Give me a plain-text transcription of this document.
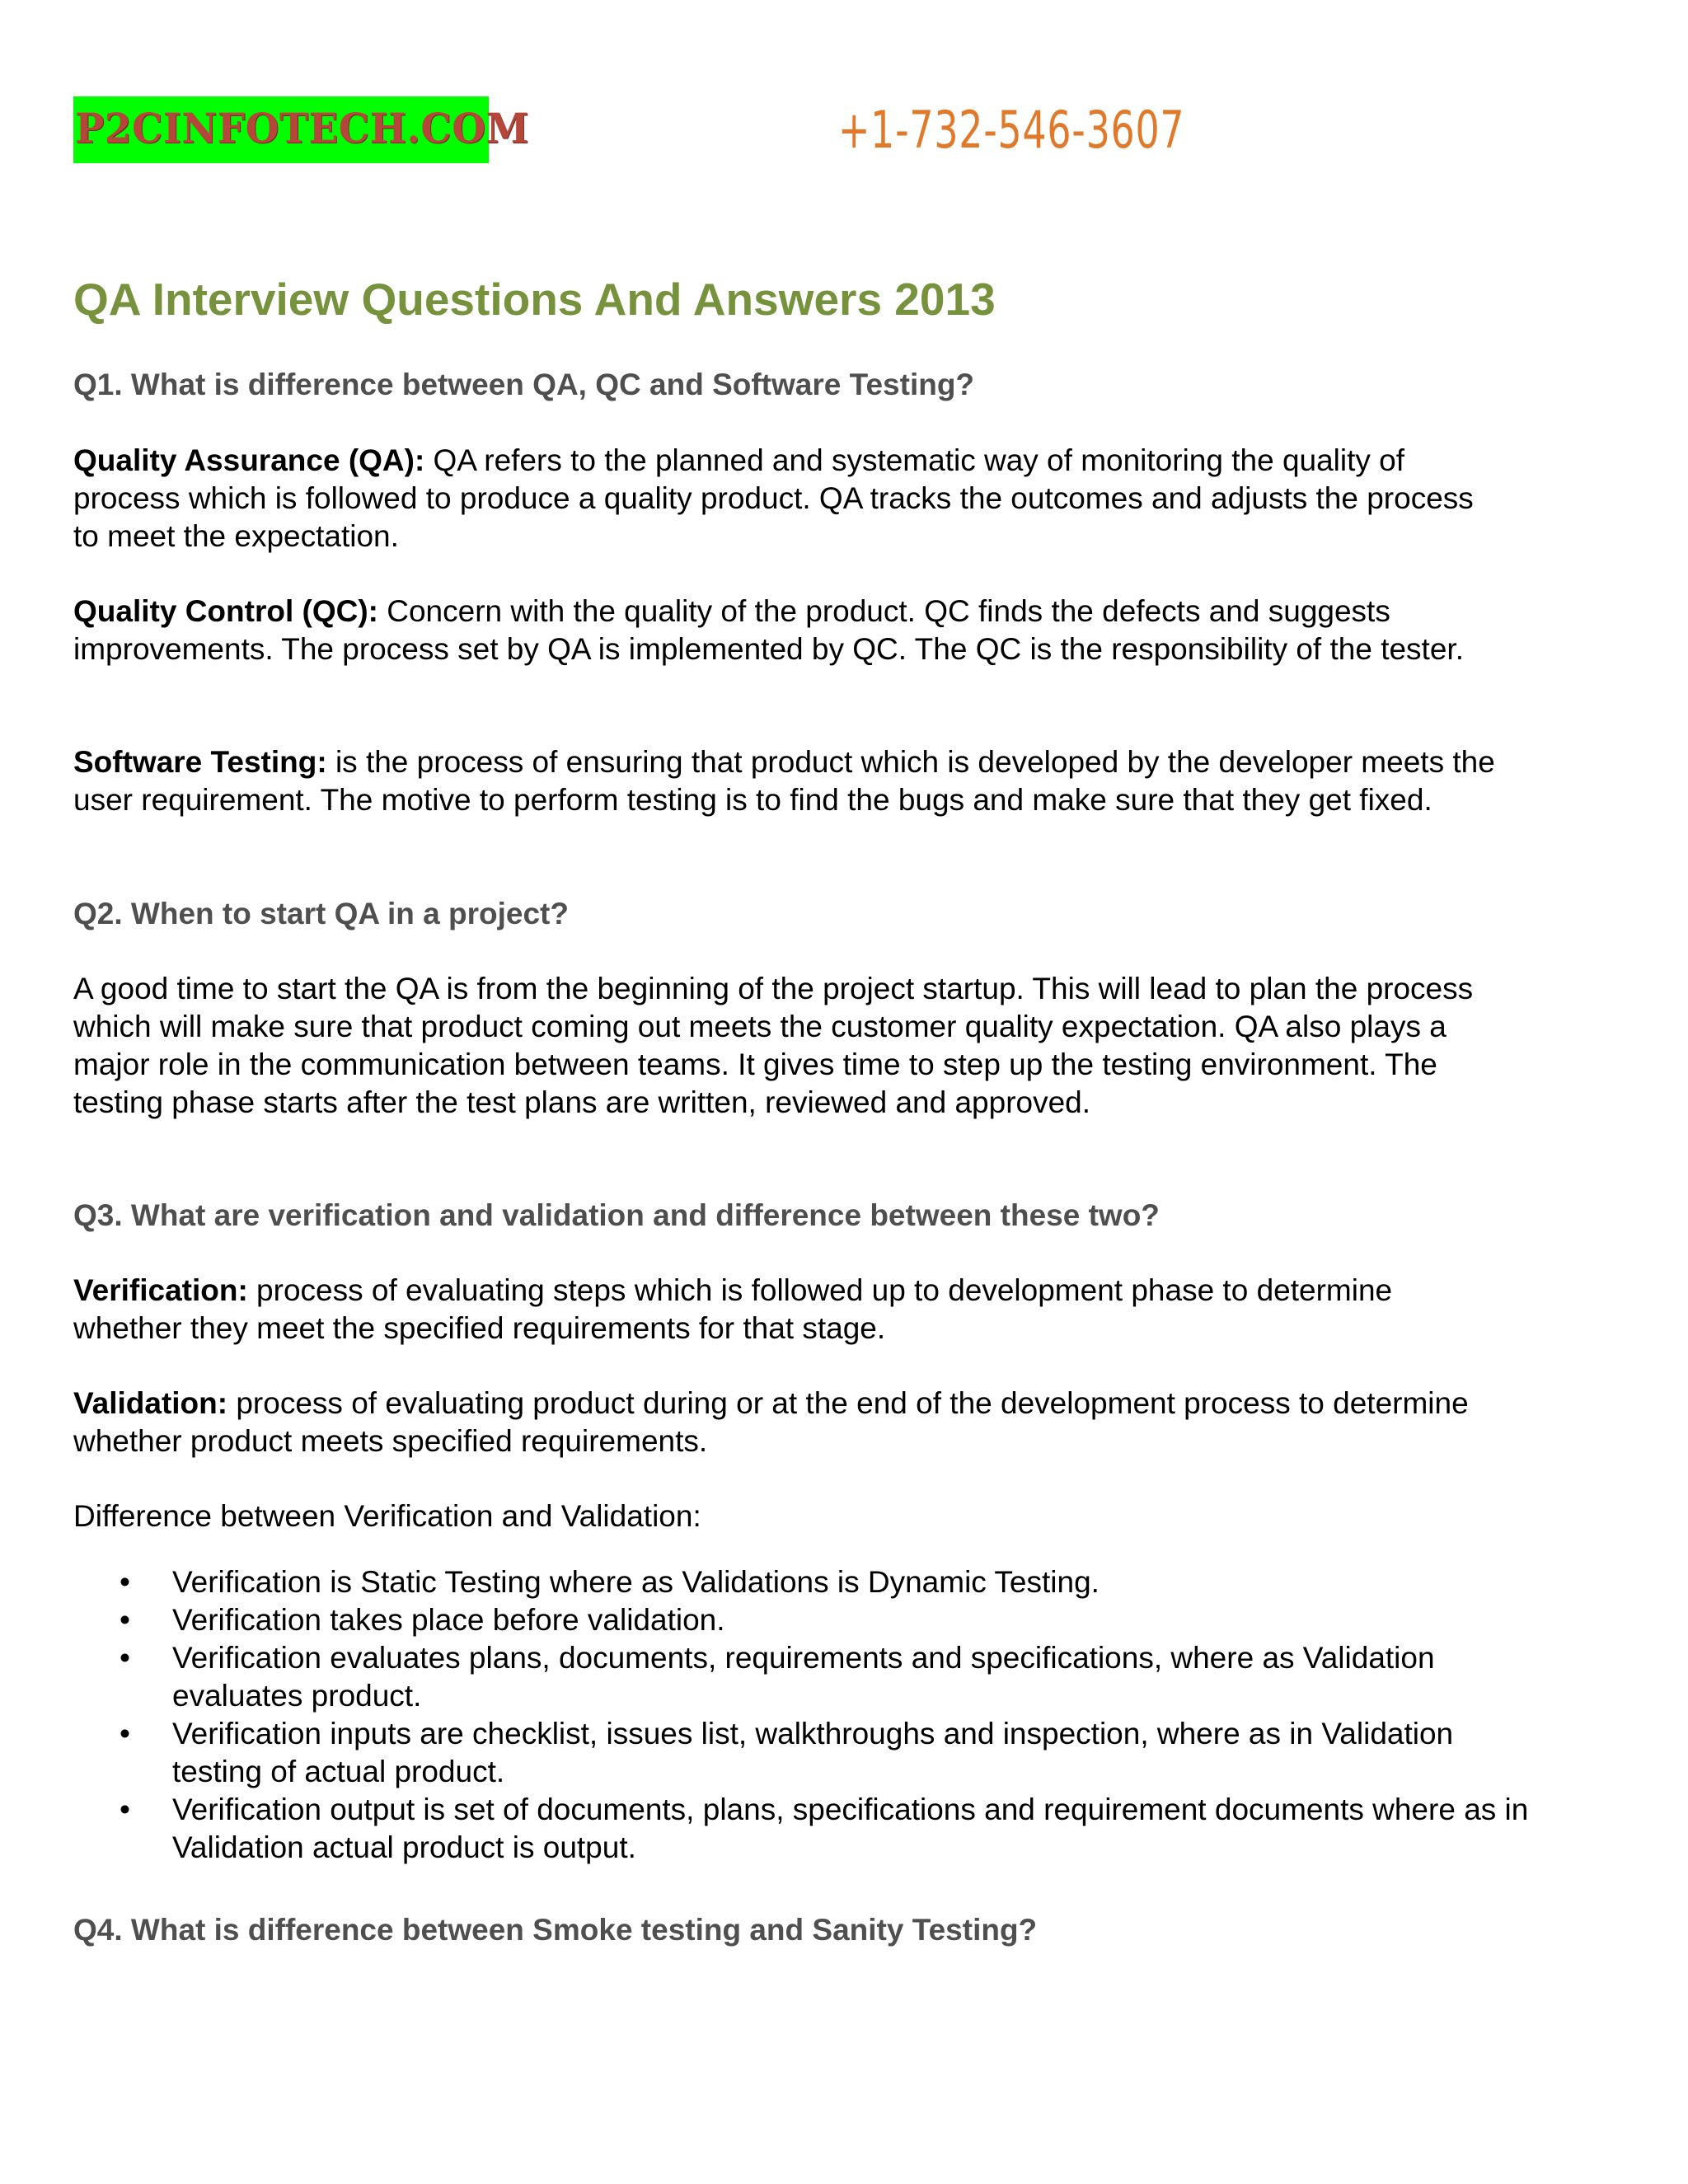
P2CINFOTECH.COM	+1-732-546-3607
QA Interview Questions And Answers 2013

Q1. What is difference between QA, QC and Software Testing?

Quality Assurance (QA): QA refers to the planned and systematic way of monitoring the quality of process which is followed to produce a quality product. QA tracks the outcomes and adjusts the process to meet the expectation.

Quality Control (QC): Concern with the quality of the product. QC finds the defects and suggests improvements. The process set by QA is implemented by QC. The QC is the responsibility of the tester.

Software Testing: is the process of ensuring that product which is developed by the developer meets the user requirement. The motive to perform testing is to find the bugs and make sure that they get fixed.

Q2. When to start QA in a project?

A good time to start the QA is from the beginning of the project startup. This will lead to plan the process which will make sure that product coming out meets the customer quality expectation. QA also plays a major role in the communication between teams. It gives time to step up the testing environment. The testing phase starts after the test plans are written, reviewed and approved.

Q3. What are verification and validation and difference between these two?

Verification: process of evaluating steps which is followed up to development phase to determine whether they meet the specified requirements for that stage.

Validation: process of evaluating product during or at the end of the development process to determine whether product meets specified requirements.

Difference between Verification and Validation:

• Verification is Static Testing where as Validations is Dynamic Testing.
• Verification takes place before validation.
• Verification evaluates plans, documents, requirements and specifications, where as Validation evaluates product.
• Verification inputs are checklist, issues list, walkthroughs and inspection, where as in Validation testing of actual product.
• Verification output is set of documents, plans, specifications and requirement documents where as in Validation actual product is output.

Q4. What is difference between Smoke testing and Sanity Testing?
